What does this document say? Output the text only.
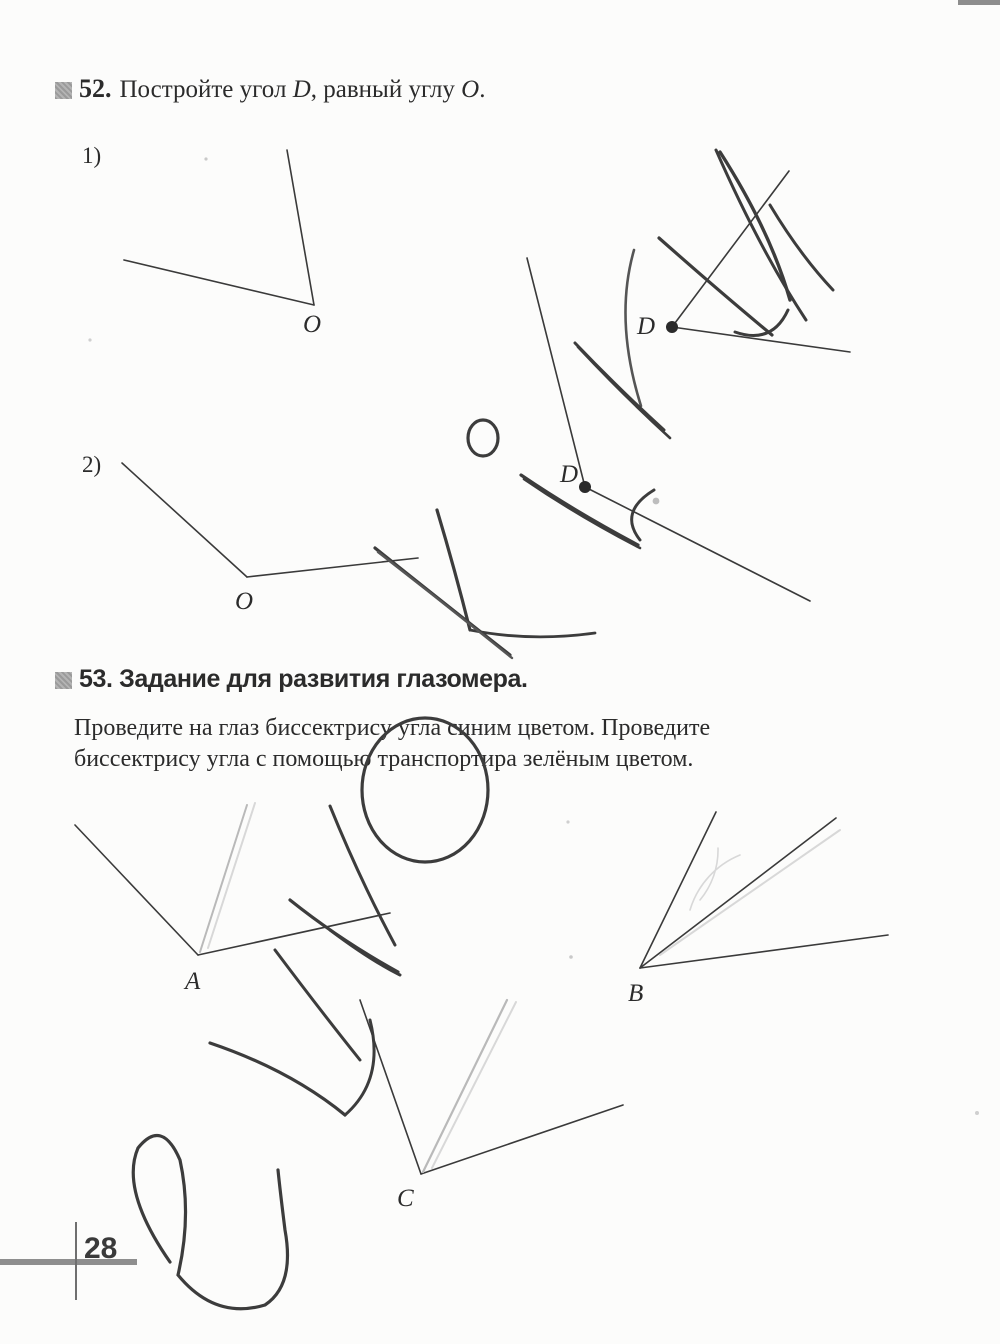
52. Постройте угол D, равный углу O.
1)
2)
53. Задание для развития глазомера.
Проведите на глаз биссектрису угла синим цветом. Проведите
биссектрису угла с помощью транспортира зелёным цветом.
O	D
O
D
A	B
C
28
